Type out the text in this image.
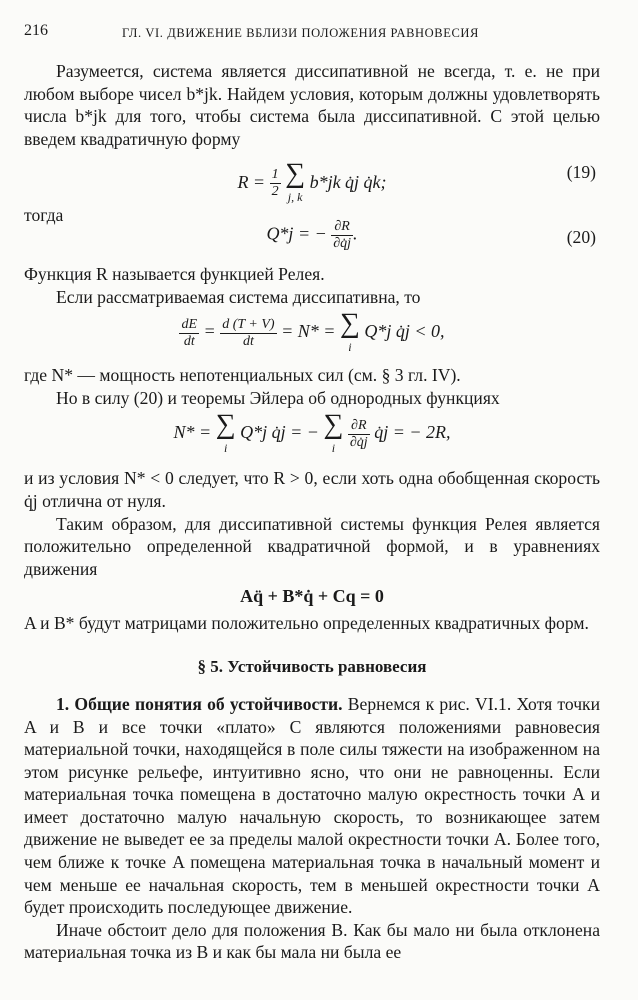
216	ГЛ. VI. ДВИЖЕНИЕ ВБЛИЗИ ПОЛОЖЕНИЯ РАВНОВЕСИЯ

Разумеется, система является диссипативной не всегда, т. е. не при любом выборе чисел b*jk. Найдем условия, которым должны удовлетворять числа b*jk для того, чтобы система была диссипативной. С этой целью введем квадратичную форму

$R = \frac{1}{2}$
∑
j, k
b*jk q̇j q̇k;	(19)

тогда

Q*j = − $\frac{\partial R}{\partial q̇j}$ .	(20)

Функция R называется функцией Релея.

Если рассматриваемая система диссипативна, то

$\frac{dE}{dt} = \frac{d (T + V)}{dt} = N*$ = ∑
i
Q*j q̇j < 0,

где N* — мощность непотенциальных сил (см. § 3 гл. IV).

Но в силу (20) и теоремы Эйлера об однородных функциях

N* = ∑
i
Q*j q̇j = − ∑
i
$\frac{\partial R}{\partial q̇j}$ q̇j = − 2R,

и из условия N* < 0 следует, что R > 0, если хоть одна обобщенная скорость q̇j отлична от нуля.

Таким образом, для диссипативной системы функция Релея является положительно определенной квадратичной формой, и в уравнениях движения

Aq̈ + B*q̇ + Cq = 0

A и B* будут матрицами положительно определенных квадратичных форм.

§ 5. Устойчивость равновесия

1. Общие понятия об устойчивости. Вернемся к рис. VI.1. Хотя точки A и B и все точки «плато» C являются положениями равновесия материальной точки, находящейся в поле силы тяжести на изображенном на этом рисунке рельефе, интуитивно ясно, что они не равноценны. Если материальная точка помещена в достаточно малую окрестность точки A и имеет достаточно малую начальную скорость, то возникающее затем движение не выведет ее за пределы малой окрестности точки A. Более того, чем ближе к точке A помещена материальная точка в начальный момент и чем меньше ее начальная скорость, тем в меньшей окрестности точки A будет происходить последующее движение.

Иначе обстоит дело для положения B. Как бы мало ни была отклонена материальная точка из B и как бы мала ни была ее
